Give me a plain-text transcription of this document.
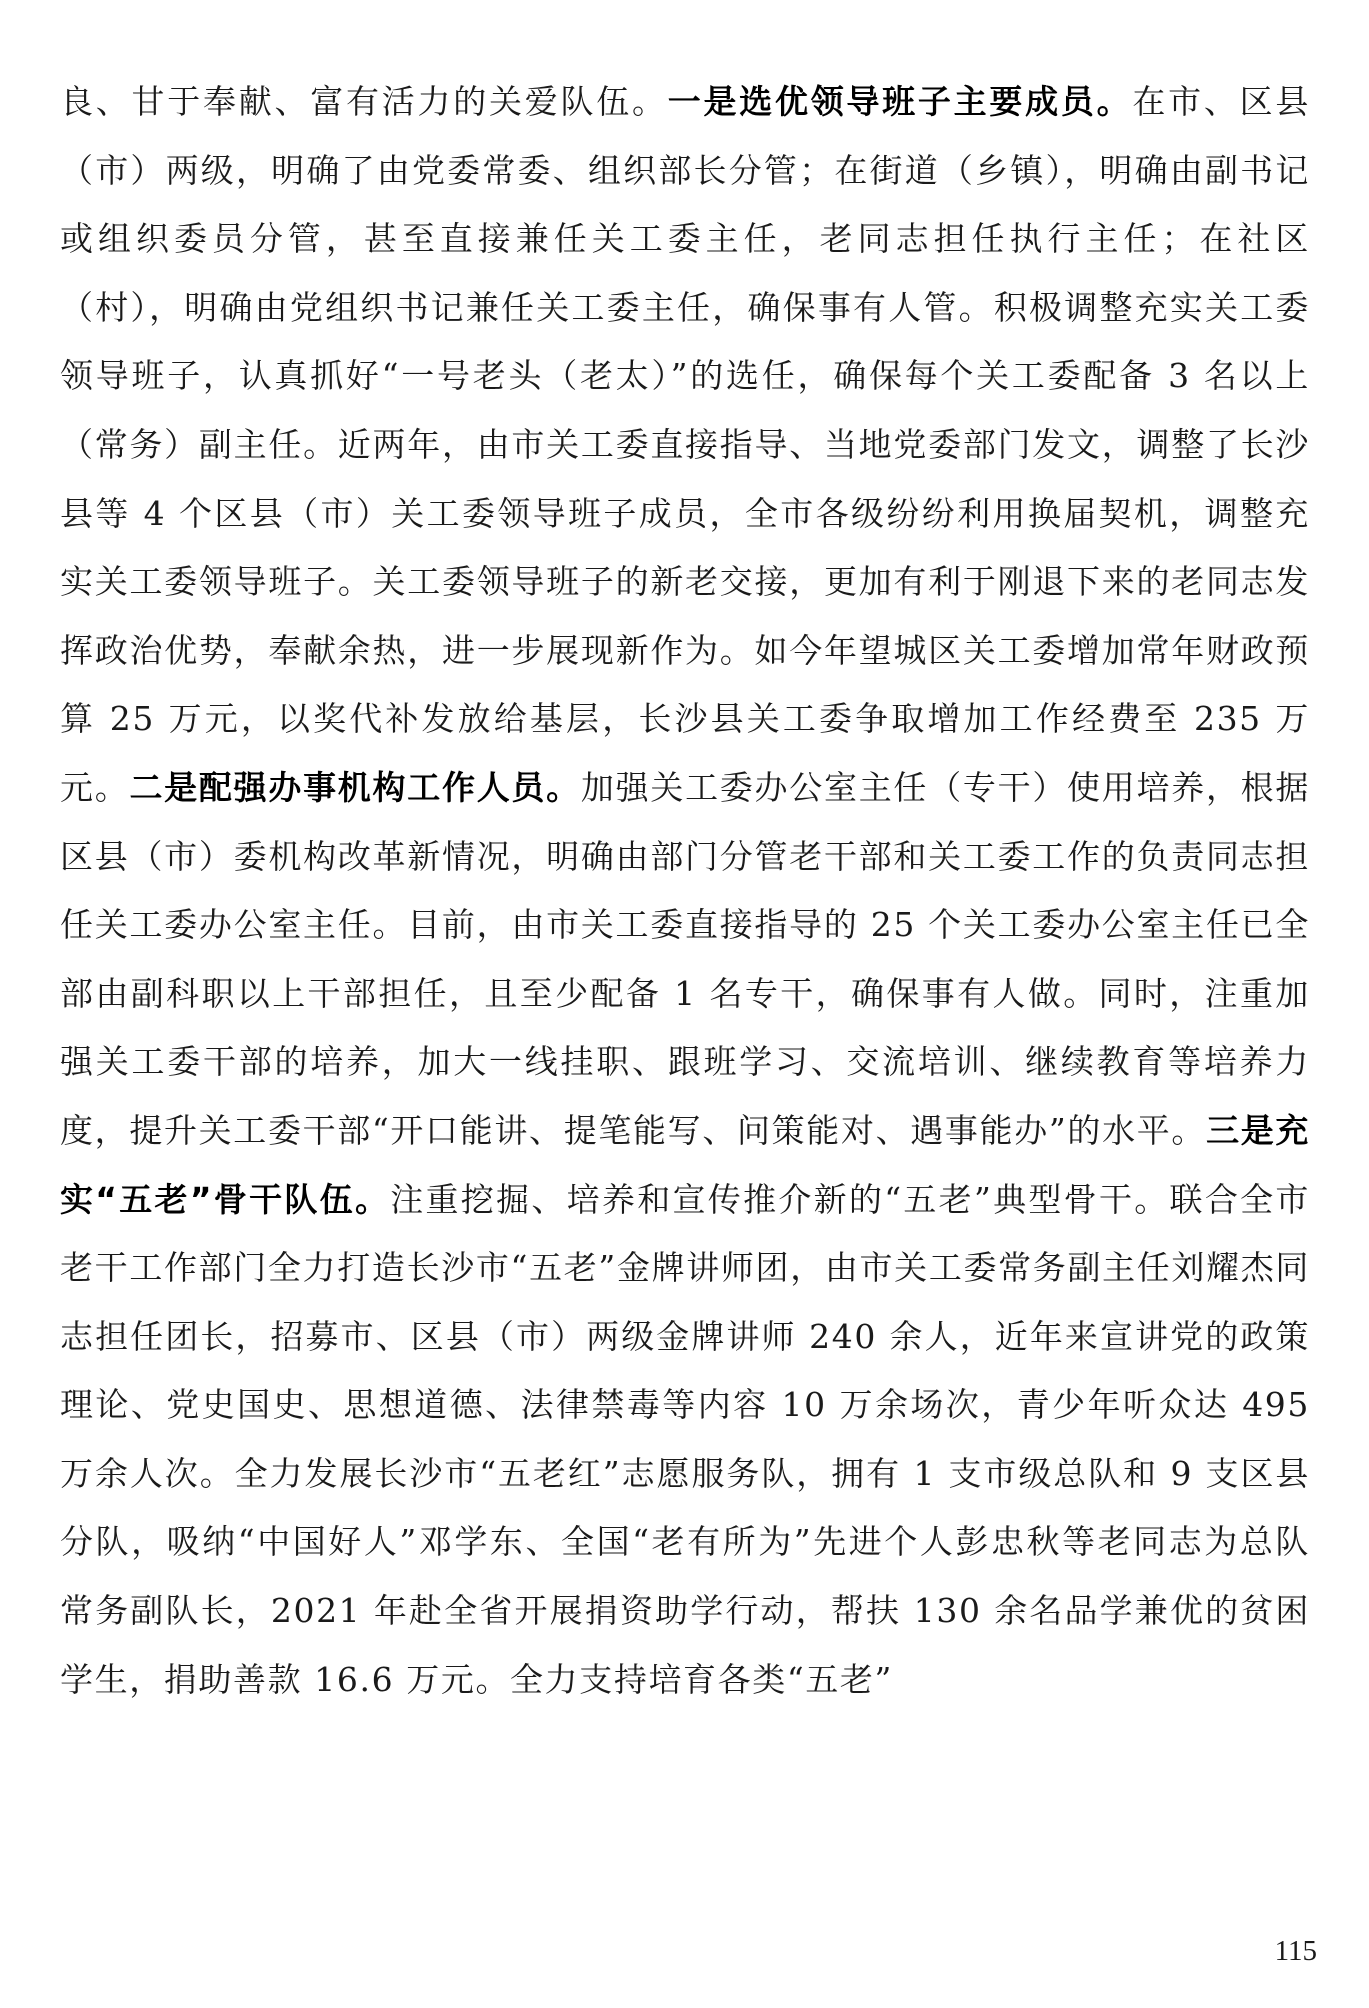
良、甘于奉献、富有活力的关爱队伍。一是选优领导班子主要成员。在市、区县（市）两级，明确了由党委常委、组织部长分管；在街道（乡镇），明确由副书记或组织委员分管，甚至直接兼任关工委主任，老同志担任执行主任；在社区（村），明确由党组织书记兼任关工委主任，确保事有人管。积极调整充实关工委领导班子，认真抓好“一号老头（老太）”的选任，确保每个关工委配备 3 名以上（常务）副主任。近两年，由市关工委直接指导、当地党委部门发文，调整了长沙县等 4 个区县（市）关工委领导班子成员，全市各级纷纷利用换届契机，调整充实关工委领导班子。关工委领导班子的新老交接，更加有利于刚退下来的老同志发挥政治优势，奉献余热，进一步展现新作为。如今年望城区关工委增加常年财政预算 25 万元，以奖代补发放给基层，长沙县关工委争取增加工作经费至 235 万元。二是配强办事机构工作人员。加强关工委办公室主任（专干）使用培养，根据区县（市）委机构改革新情况，明确由部门分管老干部和关工委工作的负责同志担任关工委办公室主任。目前，由市关工委直接指导的 25 个关工委办公室主任已全部由副科职以上干部担任，且至少配备 1 名专干，确保事有人做。同时，注重加强关工委干部的培养，加大一线挂职、跟班学习、交流培训、继续教育等培养力度，提升关工委干部“开口能讲、提笔能写、问策能对、遇事能办”的水平。三是充实“五老”骨干队伍。注重挖掘、培养和宣传推介新的“五老”典型骨干。联合全市老干工作部门全力打造长沙市“五老”金牌讲师团，由市关工委常务副主任刘耀杰同志担任团长，招募市、区县（市）两级金牌讲师 240 余人，近年来宣讲党的政策理论、党史国史、思想道德、法律禁毒等内容 10 万余场次，青少年听众达 495 万余人次。全力发展长沙市“五老红”志愿服务队，拥有 1 支市级总队和 9 支区县分队，吸纳“中国好人”邓学东、全国“老有所为”先进个人彭忠秋等老同志为总队常务副队长，2021 年赴全省开展捐资助学行动，帮扶 130 余名品学兼优的贫困学生，捐助善款 16.6 万元。全力支持培育各类“五老”

115
